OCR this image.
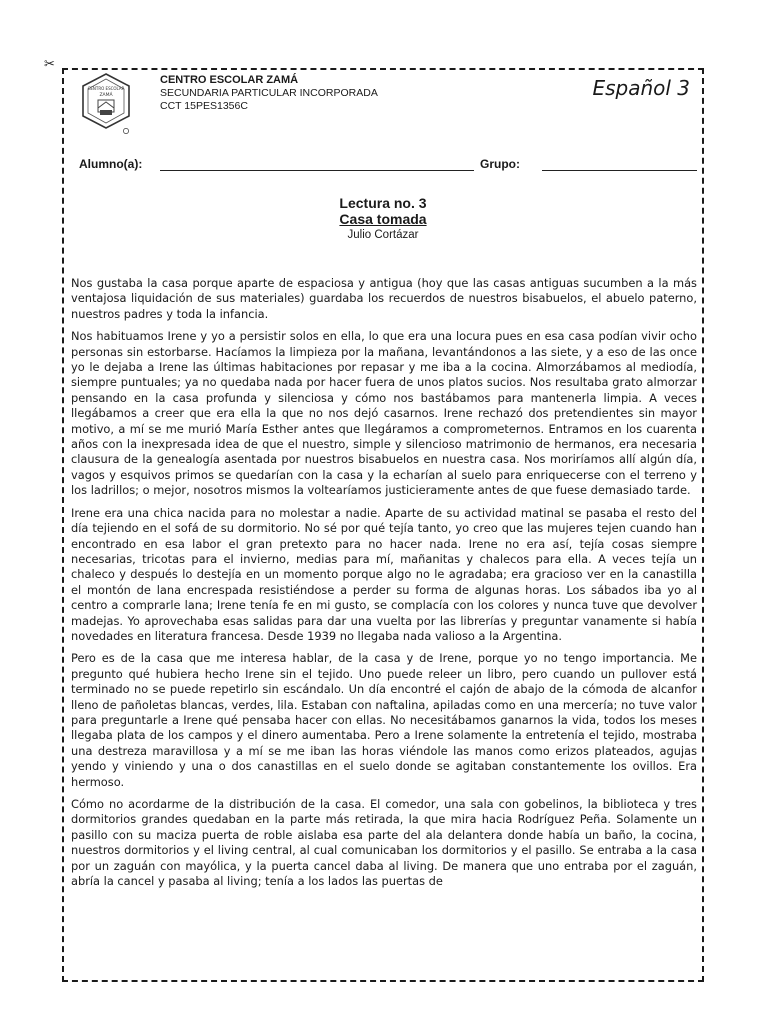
✂
CENTRO ESCOLAR
ZAMÁ
CENTRO ESCOLAR ZAMÁ
SECUNDARIA PARTICULAR INCORPORADA
CCT 15PES1356C
Español 3
Alumno(a):	Grupo:
Lectura no. 3
Casa tomada
Julio Cortázar

Nos gustaba la casa porque aparte de espaciosa y antigua (hoy que las casas antiguas sucumben a la más ventajosa liquidación de sus materiales) guardaba los recuerdos de nuestros bisabuelos, el abuelo paterno, nuestros padres y toda la infancia.

Nos habituamos Irene y yo a persistir solos en ella, lo que era una locura pues en esa casa podían vivir ocho personas sin estorbarse. Hacíamos la limpieza por la mañana, levantándonos a las siete, y a eso de las once yo le dejaba a Irene las últimas habitaciones por repasar y me iba a la cocina. Almorzábamos al mediodía, siempre puntuales; ya no quedaba nada por hacer fuera de unos platos sucios. Nos resultaba grato almorzar pensando en la casa profunda y silenciosa y cómo nos bastábamos para mantenerla limpia. A veces llegábamos a creer que era ella la que no nos dejó casarnos. Irene rechazó dos pretendientes sin mayor motivo, a mí se me murió María Esther antes que llegáramos a comprometernos. Entramos en los cuarenta años con la inexpresada idea de que el nuestro, simple y silencioso matrimonio de hermanos, era necesaria clausura de la genealogía asentada por nuestros bisabuelos en nuestra casa. Nos moriríamos allí algún día, vagos y esquivos primos se quedarían con la casa y la echarían al suelo para enriquecerse con el terreno y los ladrillos; o mejor, nosotros mismos la voltearíamos justicieramente antes de que fuese demasiado tarde.

Irene era una chica nacida para no molestar a nadie. Aparte de su actividad matinal se pasaba el resto del día tejiendo en el sofá de su dormitorio. No sé por qué tejía tanto, yo creo que las mujeres tejen cuando han encontrado en esa labor el gran pretexto para no hacer nada. Irene no era así, tejía cosas siempre necesarias, tricotas para el invierno, medias para mí, mañanitas y chalecos para ella. A veces tejía un chaleco y después lo destejía en un momento porque algo no le agradaba; era gracioso ver en la canastilla el montón de lana encrespada resistiéndose a perder su forma de algunas horas. Los sábados iba yo al centro a comprarle lana; Irene tenía fe en mi gusto, se complacía con los colores y nunca tuve que devolver madejas. Yo aprovechaba esas salidas para dar una vuelta por las librerías y preguntar vanamente si había novedades en literatura francesa. Desde 1939 no llegaba nada valioso a la Argentina.

Pero es de la casa que me interesa hablar, de la casa y de Irene, porque yo no tengo importancia. Me pregunto qué hubiera hecho Irene sin el tejido. Uno puede releer un libro, pero cuando un pullover está terminado no se puede repetirlo sin escándalo. Un día encontré el cajón de abajo de la cómoda de alcanfor lleno de pañoletas blancas, verdes, lila. Estaban con naftalina, apiladas como en una mercería; no tuve valor para preguntarle a Irene qué pensaba hacer con ellas. No necesitábamos ganarnos la vida, todos los meses llegaba plata de los campos y el dinero aumentaba. Pero a Irene solamente la entretenía el tejido, mostraba una destreza maravillosa y a mí se me iban las horas viéndole las manos como erizos plateados, agujas yendo y viniendo y una o dos canastillas en el suelo donde se agitaban constantemente los ovillos. Era hermoso.

Cómo no acordarme de la distribución de la casa. El comedor, una sala con gobelinos, la biblioteca y tres dormitorios grandes quedaban en la parte más retirada, la que mira hacia Rodríguez Peña. Solamente un pasillo con su maciza puerta de roble aislaba esa parte del ala delantera donde había un baño, la cocina, nuestros dormitorios y el living central, al cual comunicaban los dormitorios y el pasillo. Se entraba a la casa por un zaguán con mayólica, y la puerta cancel daba al living. De manera que uno entraba por el zaguán, abría la cancel y pasaba al living; tenía a los lados las puertas de
